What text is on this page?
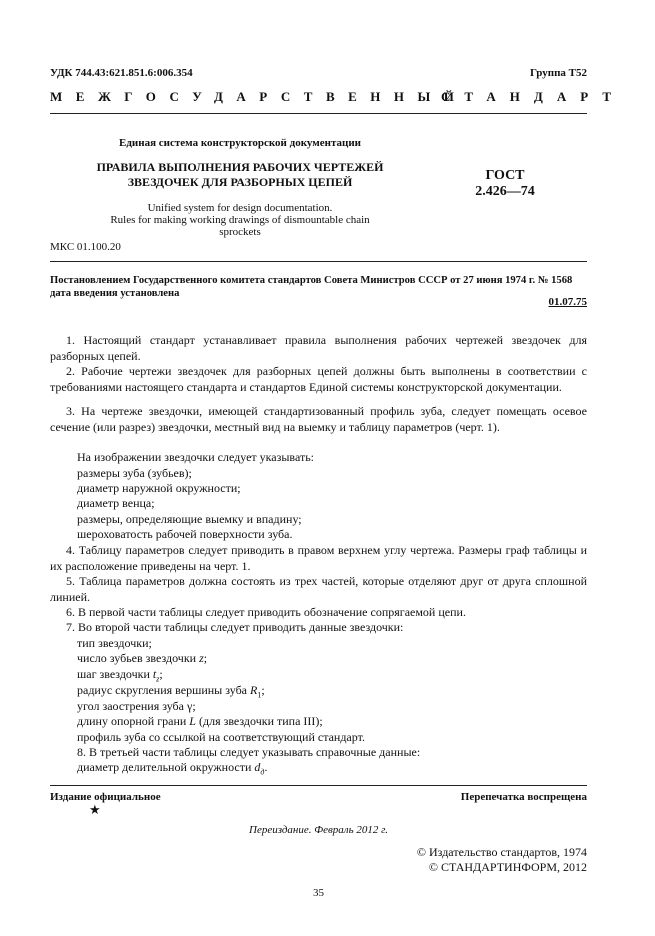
УДК 744.43:621.851.6:006.354	Группа Т52
МЕЖГОСУДАРСТВЕННЫЙ
СТАНДАРТ
Единая система конструкторской документации
ПРАВИЛА ВЫПОЛНЕНИЯ РАБОЧИХ ЧЕРТЕЖЕЙ
ЗВЕЗДОЧЕК ДЛЯ РАЗБОРНЫХ ЦЕПЕЙ
Unified system for design documentation.
Rules for making working drawings of dismountable chain
sprockets
ГОСТ
2.426—74
МКС 01.100.20
Постановлением Государственного комитета стандартов Совета Министров СССР от 27 июня 1974 г. № 1568
дата введения установлена
01.07.75
1. Настоящий стандарт устанавливает правила выполнения рабочих чертежей звездочек для разборных цепей.
2. Рабочие чертежи звездочек для разборных цепей должны быть выполнены в соответствии с требованиями настоящего стандарта и стандартов Единой системы конструкторской документации.
3. На чертеже звездочки, имеющей стандартизованный профиль зуба, следует помещать осевое сечение (или разрез) звездочки, местный вид на выемку и таблицу параметров (черт. 1).
На изображении звездочки следует указывать:
размеры зуба (зубьев);
диаметр наружной окружности;
диаметр венца;
размеры, определяющие выемку и впадину;
шероховатость рабочей поверхности зуба.
4. Таблицу параметров следует приводить в правом верхнем углу чертежа. Размеры граф таблицы и их расположение приведены на черт. 1.
5. Таблица параметров должна состоять из трех частей, которые отделяют друг от друга сплошной линией.
6. В первой части таблицы следует приводить обозначение сопрягаемой цепи.
7. Во второй части таблицы следует приводить данные звездочки:
тип звездочки;
число зубьев звездочки z;
шаг звездочки $t_z$;
радиус скругления вершины зуба $R_1$;
угол заострения зуба γ;
длину опорной грани L (для звездочки типа III);
профиль зуба со ссылкой на соответствующий стандарт.
8. В третьей части таблицы следует указывать справочные данные:
диаметр делительной окружности $d_д$.
Издание официальное
★
Перепечатка воспрещена
Переиздание. Февраль 2012 г.
© Издательство стандартов, 1974
© СТАНДАРТИНФОРМ, 2012
35
